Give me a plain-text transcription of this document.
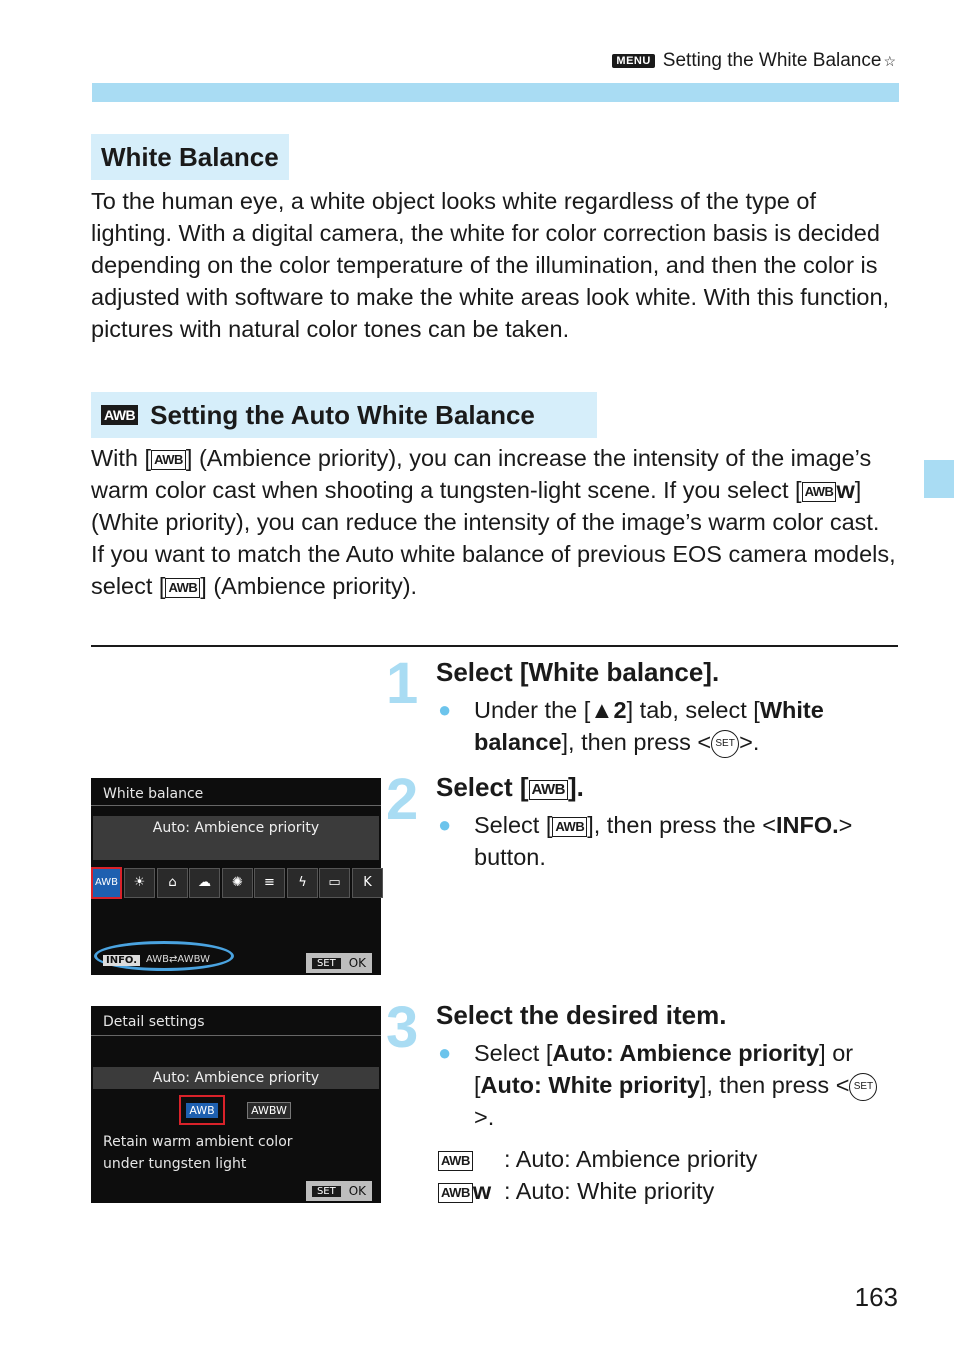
MENU Setting the White Balance ☆
White Balance
To the human eye, a white object looks white regardless of the type of lighting. With a digital camera, the white for color correction basis is decided depending on the color temperature of the illumination, and then the color is adjusted with software to make the white areas look white. With this function, pictures with natural color tones can be taken.
AWB Setting the Auto White Balance
With [ AWB ] (Ambience priority), you can increase the intensity of the image’s warm color cast when shooting a tungsten-light scene. If you select [ AWB w] (White priority), you can reduce the intensity of the image’s warm color cast.
If you want to match the Auto white balance of previous EOS camera models, select [ AWB ] (Ambience priority).
1 Select [White balance].
● Under the [▲2] tab, select [White balance], then press < SET >.
2 Select [ AWB ].
● Select [ AWB ], then press the <INFO.> button.
3 Select the desired item.
● Select [Auto: Ambience priority] or [Auto: White priority], then press < SET>.
AWB	: Auto: Ambience priority
AWB w : Auto: White priority
White balance
Auto: Ambience priority
AWB	☀	⌂	☁	✺	≡	ϟ	▭	K
INFO. AWB⇄AWBW	SET	OK
Detail settings
Auto: Ambience priority
AWB	AWBW
Retain warm ambient color
under tungsten light
SET	OK
163
